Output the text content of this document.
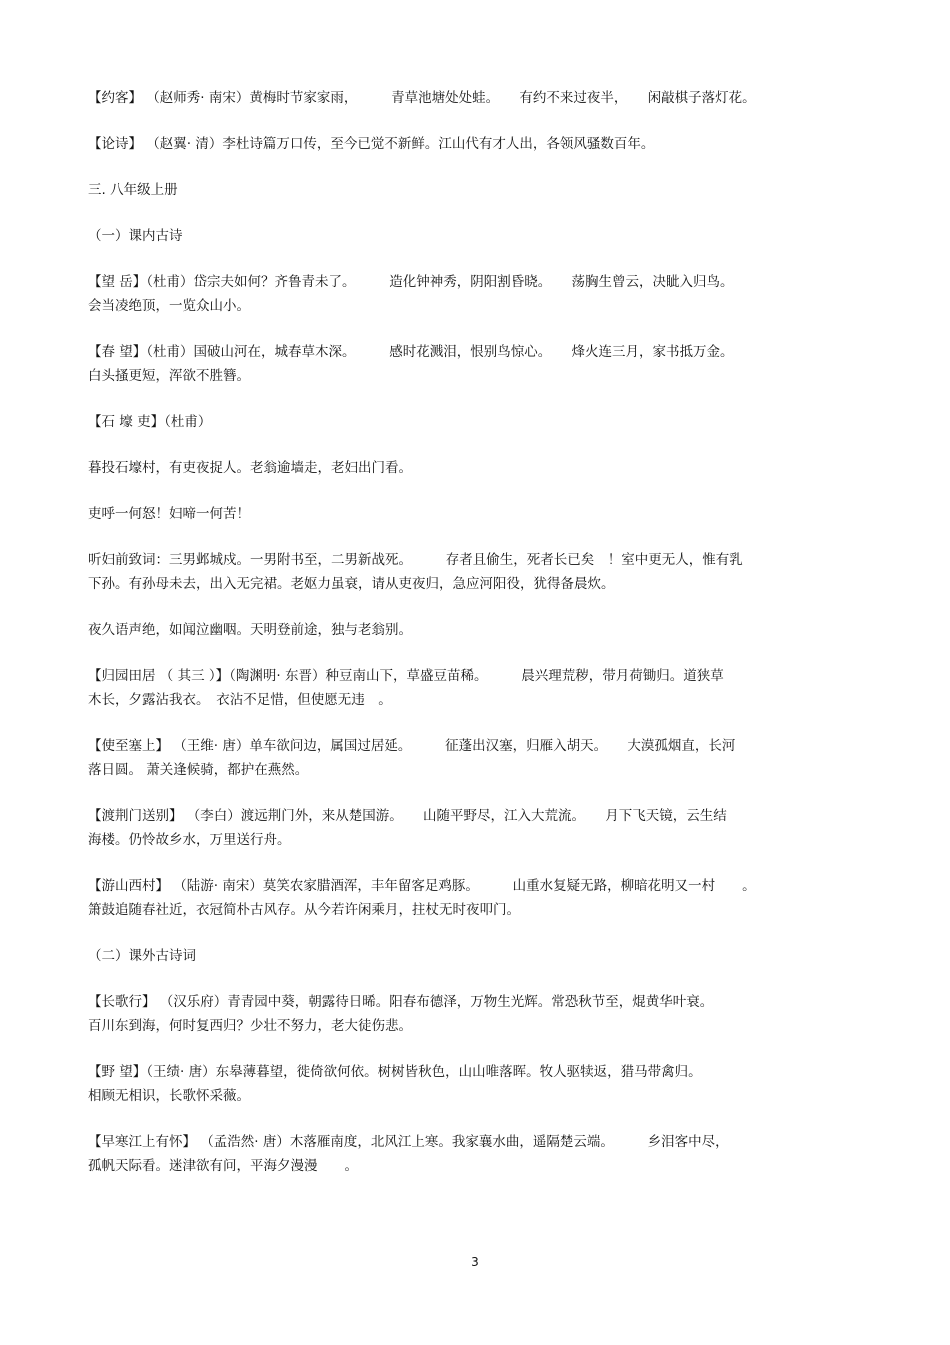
【约客】 （赵师秀· 南宋）黄梅时节家家雨，　　　青草池塘处处蛙。　　有约不来过夜半，　　闲敲棋子落灯花。

【论诗】 （赵翼· 清）李杜诗篇万口传，至今已觉不新鲜。江山代有才人出，各领风骚数百年。

三. 八年级上册

（一）课内古诗

【望 岳】（杜甫）岱宗夫如何？齐鲁青未了。　　　造化钟神秀，阴阳割昏晓。　　荡胸生曾云，决眦入归鸟。
会当凌绝顶，一览众山小。

【春 望】（杜甫）国破山河在，城春草木深。　　　感时花溅泪，恨别鸟惊心。　　烽火连三月，家书抵万金。
白头搔更短，浑欲不胜簪。

【石 壕 吏】（杜甫）

暮投石壕村，有吏夜捉人。老翁逾墙走，老妇出门看。

吏呼一何怒！妇啼一何苦！

听妇前致词：三男邺城戍。一男附书至，二男新战死。　　　存者且偷生，死者长已矣　！室中更无人，惟有乳
下孙。有孙母未去，出入无完裙。老妪力虽衰，请从吏夜归，急应河阳役，犹得备晨炊。

夜久语声绝，如闻泣幽咽。天明登前途，独与老翁别。

【归园田居 （ 其三 ）】（陶渊明· 东晋）种豆南山下，草盛豆苗稀。　　　晨兴理荒秽，带月荷锄归。道狭草
木长，夕露沾我衣。　衣沾不足惜，但使愿无违　。

【使至塞上】 （王维· 唐）单车欲问边，属国过居延。　　　征蓬出汉塞，归雁入胡天。　　大漠孤烟直，长河
落日圆。 萧关逢候骑，都护在燕然。

【渡荆门送别】 （李白）渡远荆门外，来从楚国游。　　山随平野尽，江入大荒流。　　月下飞天镜，云生结
海楼。仍怜故乡水，万里送行舟。

【游山西村】 （陆游· 南宋）莫笑农家腊酒浑，丰年留客足鸡豚。　　　山重水复疑无路，柳暗花明又一村　　。
箫鼓追随春社近，衣冠简朴古风存。从今若许闲乘月，拄杖无时夜叩门。

（二）课外古诗词

【长歌行】 （汉乐府）青青园中葵，朝露待日晞。阳春布德泽，万物生光辉。常恐秋节至，焜黄华叶衰。
百川东到海，何时复西归？少壮不努力，老大徒伤悲。

【野 望】（王绩· 唐）东皋薄暮望，徙倚欲何依。树树皆秋色，山山唯落晖。牧人驱犊返，猎马带禽归。
相顾无相识，长歌怀采薇。

【早寒江上有怀】 （孟浩然· 唐）木落雁南度，北风江上寒。我家襄水曲，遥隔楚云端。　　　乡泪客中尽，
孤帆天际看。迷津欲有问，平海夕漫漫　　。

3
